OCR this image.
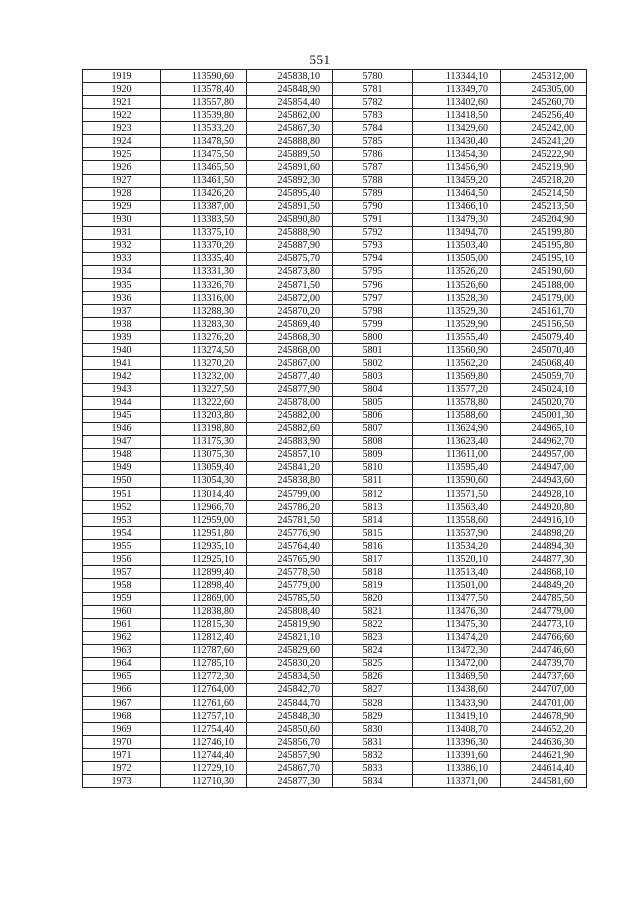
551
1919	113590,60	245838,10	5780	113344,10	245312,00
1920	113578,40	245848,90	5781	113349,70	245305,00
1921	113557,80	245854,40	5782	113402,60	245260,70
1922	113539,80	245862,00	5783	113418,50	245256,40
1923	113533,20	245867,30	5784	113429,60	245242,00
1924	113478,50	245888,80	5785	113430,40	245241,20
1925	113475,50	245889,50	5786	113454,30	245222,90
1926	113465,50	245891,60	5787	113456,90	245219,90
1927	113461,50	245892,30	5788	113459,20	245218,20
1928	113426,20	245895,40	5789	113464,50	245214,50
1929	113387,00	245891,50	5790	113466,10	245213,50
1930	113383,50	245890,80	5791	113479,30	245204,90
1931	113375,10	245888,90	5792	113494,70	245199,80
1932	113370,20	245887,90	5793	113503,40	245195,80
1933	113335,40	245875,70	5794	113505,00	245195,10
1934	113331,30	245873,80	5795	113526,20	245190,60
1935	113326,70	245871,50	5796	113526,60	245188,00
1936	113316,00	245872,00	5797	113528,30	245179,00
1937	113288,30	245870,20	5798	113529,30	245161,70
1938	113283,30	245869,40	5799	113529,90	245156,50
1939	113276,20	245868,30	5800	113555,40	245079,40
1940	113274,50	245868,00	5801	113560,90	245070,40
1941	113270,20	245867,00	5802	113562,20	245068,40
1942	113232,00	245877,40	5803	113569,80	245059,70
1943	113227,50	245877,90	5804	113577,20	245024,10
1944	113222,60	245878,00	5805	113578,80	245020,70
1945	113203,80	245882,00	5806	113588,60	245001,30
1946	113198,80	245882,60	5807	113624,90	244965,10
1947	113175,30	245883,90	5808	113623,40	244962,70
1948	113075,30	245857,10	5809	113611,00	244957,00
1949	113059,40	245841,20	5810	113595,40	244947,00
1950	113054,30	245838,80	5811	113590,60	244943,60
1951	113014,40	245799,00	5812	113571,50	244928,10
1952	112966,70	245786,20	5813	113563,40	244920,80
1953	112959,00	245781,50	5814	113558,60	244916,10
1954	112951,80	245776,90	5815	113537,90	244898,20
1955	112935,10	245764,40	5816	113534,20	244894,30
1956	112925,10	245765,90	5817	113520,10	244877,30
1957	112899,40	245778,50	5818	113513,40	244868,10
1958	112898,40	245779,00	5819	113501,00	244849,20
1959	112869,00	245785,50	5820	113477,50	244785,50
1960	112838,80	245808,40	5821	113476,30	244779,00
1961	112815,30	245819,90	5822	113475,30	244773,10
1962	112812,40	245821,10	5823	113474,20	244766,60
1963	112787,60	245829,60	5824	113472,30	244746,60
1964	112785,10	245830,20	5825	113472,00	244739,70
1965	112772,30	245834,50	5826	113469,50	244737,60
1966	112764,00	245842,70	5827	113438,60	244707,00
1967	112761,60	245844,70	5828	113433,90	244701,00
1968	112757,10	245848,30	5829	113419,10	244678,90
1969	112754,40	245850,60	5830	113408,70	244652,20
1970	112746,10	245856,70	5831	113396,30	244636,30
1971	112744,40	245857,90	5832	113391,60	244621,90
1972	112729,10	245867,70	5833	113386,10	244614,40
1973	112710,30	245877,30	5834	113371,00	244581,60
